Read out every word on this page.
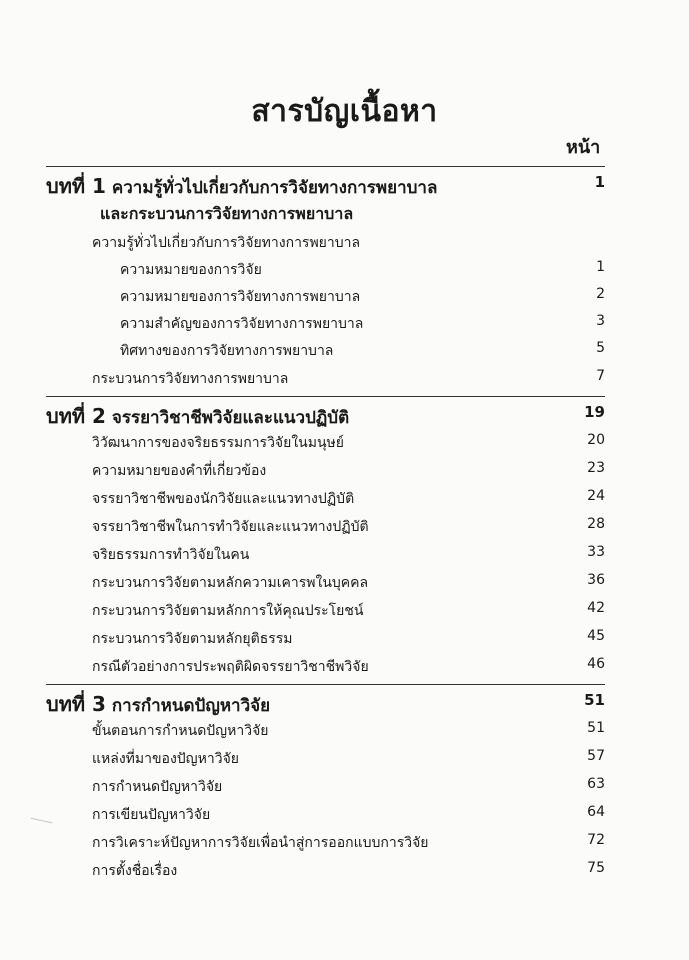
สารบัญเนื้อหา
หน้า
บทที่ 1 ความรู้ทั่วไปเกี่ยวกับการวิจัยทางการพยาบาล	1
และกระบวนการวิจัยทางการพยาบาล
ความรู้ทั่วไปเกี่ยวกับการวิจัยทางการพยาบาล
ความหมายของการวิจัย	1
ความหมายของการวิจัยทางการพยาบาล	2
ความสำคัญของการวิจัยทางการพยาบาล	3
ทิศทางของการวิจัยทางการพยาบาล	5
กระบวนการวิจัยทางการพยาบาล	7
บทที่ 2 จรรยาวิชาชีพวิจัยและแนวปฏิบัติ	19
วิวัฒนาการของจริยธรรมการวิจัยในมนุษย์	20
ความหมายของคำที่เกี่ยวข้อง	23
จรรยาวิชาชีพของนักวิจัยและแนวทางปฏิบัติ	24
จรรยาวิชาชีพในการทำวิจัยและแนวทางปฏิบัติ	28
จริยธรรมการทำวิจัยในคน	33
กระบวนการวิจัยตามหลักความเคารพในบุคคล	36
กระบวนการวิจัยตามหลักการให้คุณประโยชน์	42
กระบวนการวิจัยตามหลักยุติธรรม	45
กรณีตัวอย่างการประพฤติผิดจรรยาวิชาชีพวิจัย	46
บทที่ 3 การกำหนดปัญหาวิจัย	51
ขั้นตอนการกำหนดปัญหาวิจัย	51
แหล่งที่มาของปัญหาวิจัย	57
การกำหนดปัญหาวิจัย	63
การเขียนปัญหาวิจัย	64
การวิเคราะห์ปัญหาการวิจัยเพื่อนำสู่การออกแบบการวิจัย	72
การตั้งชื่อเรื่อง	75
